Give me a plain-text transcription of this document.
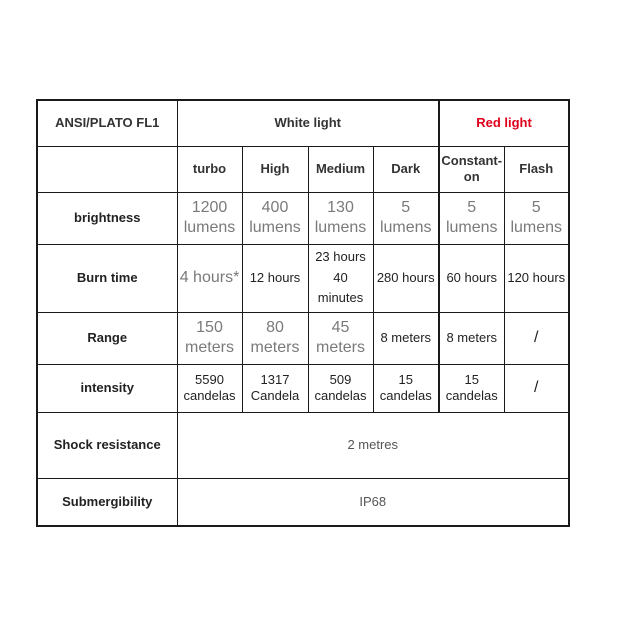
ANSI/PLATO FL1	White light				Red light	
	turbo	High	Medium	Dark	Constant-on	Flash
brightness	1200 lumens	400 lumens	130 lumens	5 lumens	5 lumens	5 lumens
Burn time	4 hours*	12 hours	23 hours 40 minutes	280 hours	60 hours	120 hours
Range	150 meters	80 meters	45 meters	8 meters	8 meters	/
intensity	5590 candelas	1317 Candela	509 candelas	15 candelas	15 candelas	/
Shock resistance	2 metres					
Submergibility	IP68					
